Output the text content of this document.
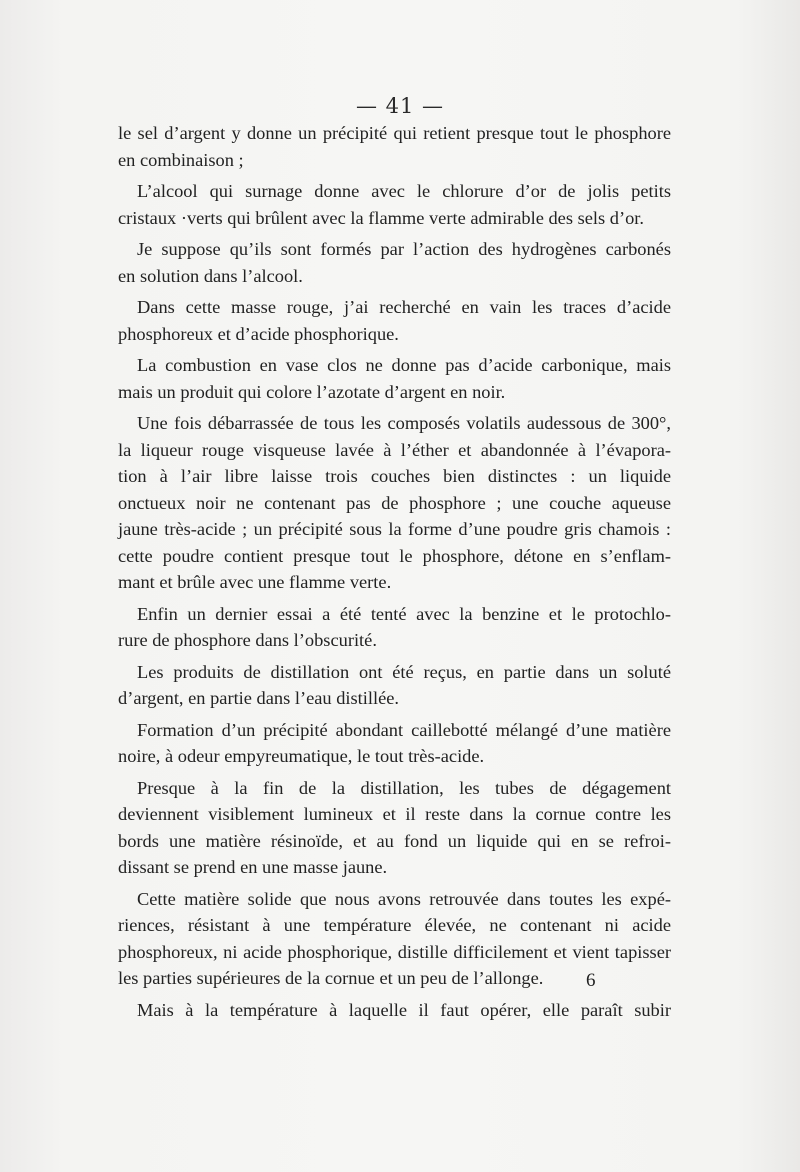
— 41 —
le sel d’argent y donne un précipité qui retient presque tout le phosphore
en combinaison ;
L’alcool qui surnage donne avec le chlorure d’or de jolis petits
cristaux ·verts qui brûlent avec la flamme verte admirable des sels d’or.
Je suppose qu’ils sont formés par l’action des hydrogènes carbonés
en solution dans l’alcool.
Dans cette masse rouge, j’ai recherché en vain les traces d’acide
phosphoreux et d’acide phosphorique.
La combustion en vase clos ne donne pas d’acide carbonique, mais
mais un produit qui colore l’azotate d’argent en noir.
Une fois débarrassée de tous les composés volatils audessous de 300°,
la liqueur rouge visqueuse lavée à l’éther et abandonnée à l’évapora-
tion à l’air libre laisse trois couches bien distinctes : un liquide
onctueux noir ne contenant pas de phosphore ; une couche aqueuse
jaune très-acide ; un précipité sous la forme d’une poudre gris chamois :
cette poudre contient presque tout le phosphore, détone en s’enflam-
mant et brûle avec une flamme verte.
Enfin un dernier essai a été tenté avec la benzine et le protochlo-
rure de phosphore dans l’obscurité.
Les produits de distillation ont été reçus, en partie dans un soluté
d’argent, en partie dans l’eau distillée.
Formation d’un précipité abondant caillebotté mélangé d’une matière
noire, à odeur empyreumatique, le tout très-acide.
Presque à la fin de la distillation, les tubes de dégagement
deviennent visiblement lumineux et il reste dans la cornue contre les
bords une matière résinoïde, et au fond un liquide qui en se refroi-
dissant se prend en une masse jaune.
Cette matière solide que nous avons retrouvée dans toutes les expé-
riences, résistant à une température élevée, ne contenant ni acide
phosphoreux, ni acide phosphorique, distille difficilement et vient tapisser
les parties supérieures de la cornue et un peu de l’allonge.
Mais à la température à laquelle il faut opérer, elle paraît subir
6
